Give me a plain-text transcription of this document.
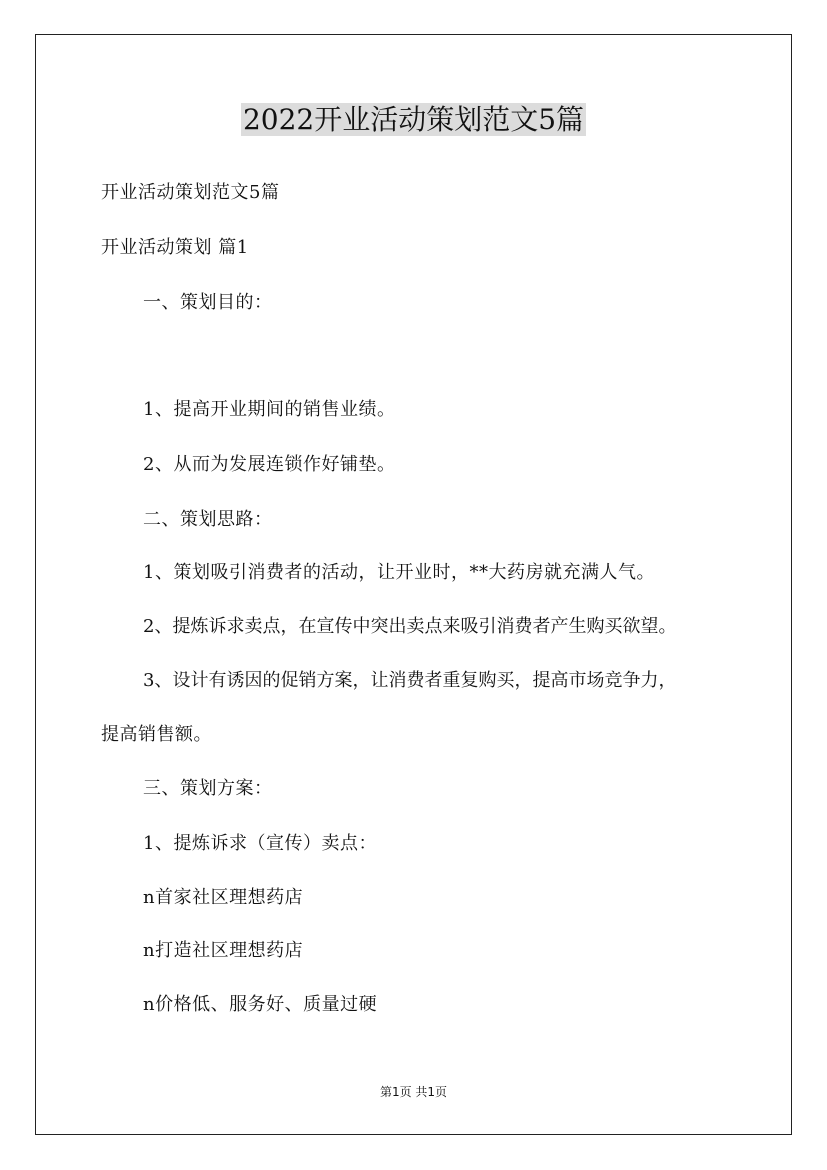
2022开业活动策划范文5篇
开业活动策划范文5篇
开业活动策划 篇1
一、策划目的：
1、提高开业期间的销售业绩。
2、从而为发展连锁作好铺垫。
二、策划思路：
1、策划吸引消费者的活动，让开业时，**大药房就充满人气。
2、提炼诉求卖点，在宣传中突出卖点来吸引消费者产生购买欲望。
3、设计有诱因的促销方案，让消费者重复购买，提高市场竞争力，
提高销售额。
三、策划方案：
1、提炼诉求（宣传）卖点：
n首家社区理想药店
n打造社区理想药店
n价格低、服务好、质量过硬
第1页 共1页
